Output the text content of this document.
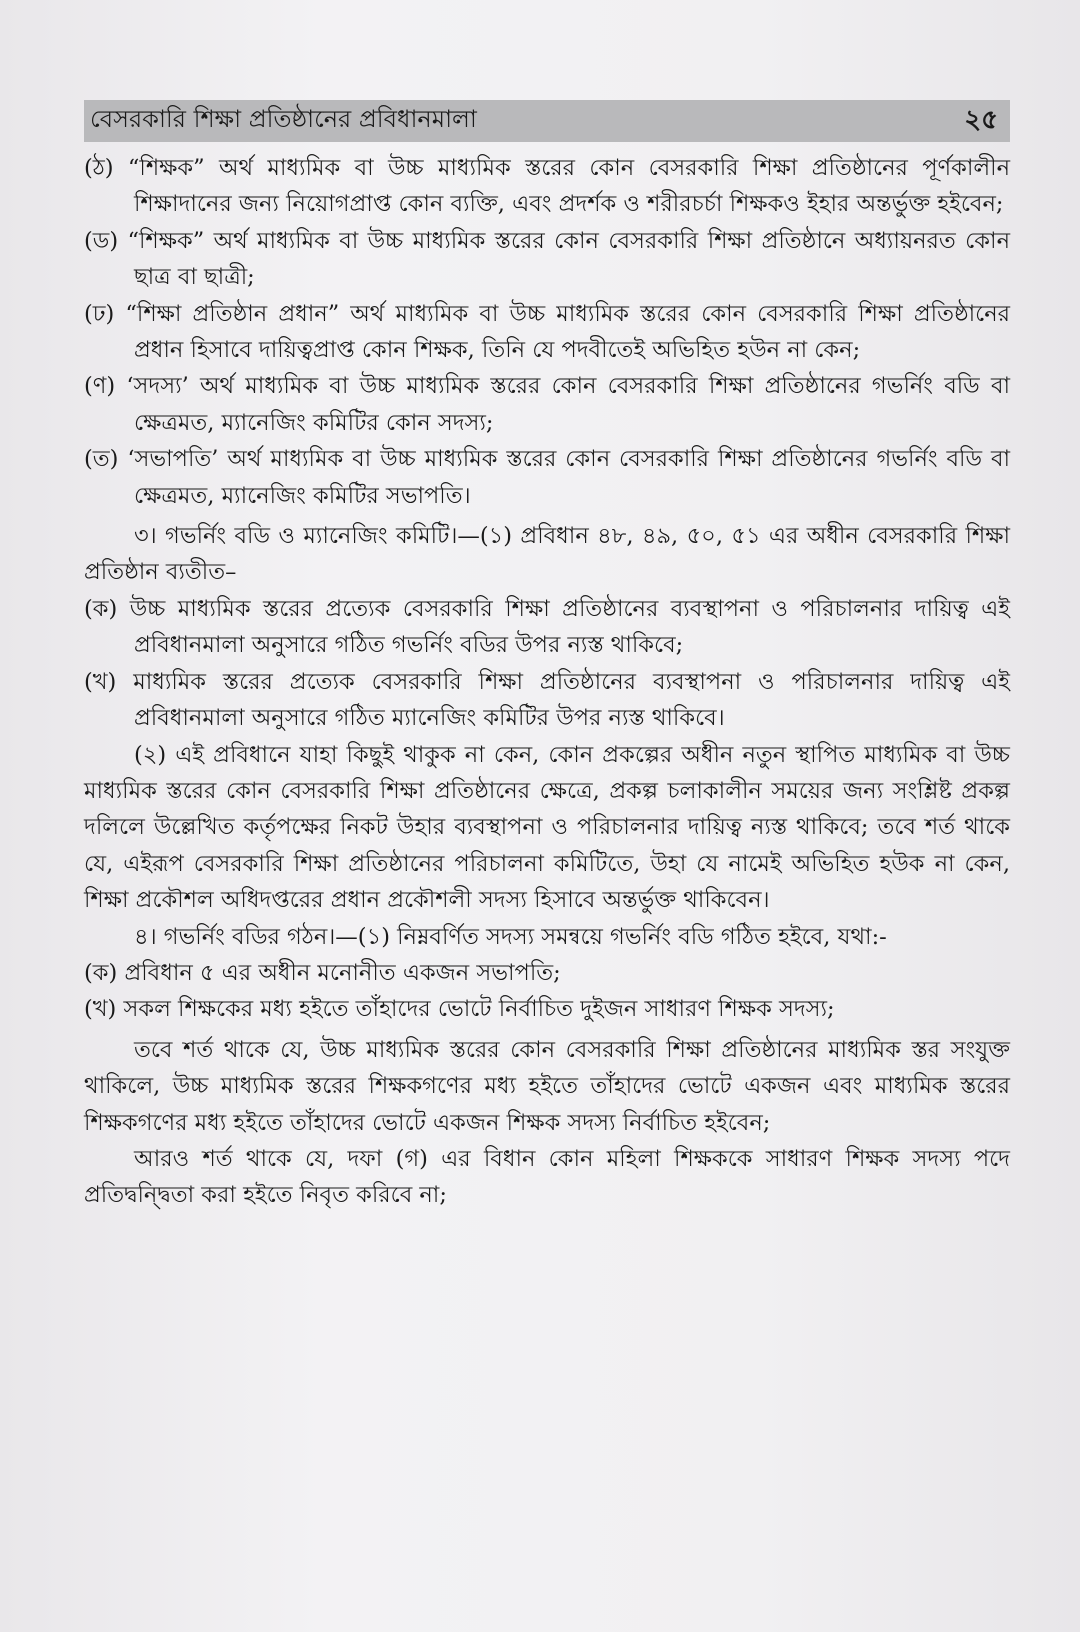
বেসরকারি শিক্ষা প্রতিষ্ঠানের প্রবিধানমালা	২৫
(ঠ) “শিক্ষক” অর্থ মাধ্যমিক বা উচ্চ মাধ্যমিক স্তরের কোন বেসরকারি শিক্ষা প্রতিষ্ঠানের পূর্ণকালীন শিক্ষাদানের জন্য নিয়োগপ্রাপ্ত কোন ব্যক্তি, এবং প্রদর্শক ও শরীরচর্চা শিক্ষকও ইহার অন্তর্ভুক্ত হইবেন;
(ড) “শিক্ষক” অর্থ মাধ্যমিক বা উচ্চ মাধ্যমিক স্তরের কোন বেসরকারি শিক্ষা প্রতিষ্ঠানে অধ্যায়নরত কোন ছাত্র বা ছাত্রী;
(ঢ) “শিক্ষা প্রতিষ্ঠান প্রধান” অর্থ মাধ্যমিক বা উচ্চ মাধ্যমিক স্তরের কোন বেসরকারি শিক্ষা প্রতিষ্ঠানের প্রধান হিসাবে দায়িত্বপ্রাপ্ত কোন শিক্ষক, তিনি যে পদবীতেই অভিহিত হউন না কেন;
(ণ) ‘সদস্য’ অর্থ মাধ্যমিক বা উচ্চ মাধ্যমিক স্তরের কোন বেসরকারি শিক্ষা প্রতিষ্ঠানের গভর্নিং বডি বা ক্ষেত্রমত, ম্যানেজিং কমিটির কোন সদস্য;
(ত) ‘সভাপতি’ অর্থ মাধ্যমিক বা উচ্চ মাধ্যমিক স্তরের কোন বেসরকারি শিক্ষা প্রতিষ্ঠানের গভর্নিং বডি বা ক্ষেত্রমত, ম্যানেজিং কমিটির সভাপতি।
৩। গভর্নিং বডি ও ম্যানেজিং কমিটি।—(১) প্রবিধান ৪৮, ৪৯, ৫০, ৫১ এর অধীন বেসরকারি শিক্ষা প্রতিষ্ঠান ব্যতীত–
(ক) উচ্চ মাধ্যমিক স্তরের প্রত্যেক বেসরকারি শিক্ষা প্রতিষ্ঠানের ব্যবস্থাপনা ও পরিচালনার দায়িত্ব এই প্রবিধানমালা অনুসারে গঠিত গভর্নিং বডির উপর ন্যস্ত থাকিবে;
(খ) মাধ্যমিক স্তরের প্রত্যেক বেসরকারি শিক্ষা প্রতিষ্ঠানের ব্যবস্থাপনা ও পরিচালনার দায়িত্ব এই প্রবিধানমালা অনুসারে গঠিত ম্যানেজিং কমিটির উপর ন্যস্ত থাকিবে।
(২) এই প্রবিধানে যাহা কিছুই থাকুক না কেন, কোন প্রকল্পের অধীন নতুন স্থাপিত মাধ্যমিক বা উচ্চ মাধ্যমিক স্তরের কোন বেসরকারি শিক্ষা প্রতিষ্ঠানের ক্ষেত্রে, প্রকল্প চলাকালীন সময়ের জন্য সংশ্লিষ্ট প্রকল্প দলিলে উল্লেখিত কর্তৃপক্ষের নিকট উহার ব্যবস্থাপনা ও পরিচালনার দায়িত্ব ন্যস্ত থাকিবে; তবে শর্ত থাকে যে, এইরূপ বেসরকারি শিক্ষা প্রতিষ্ঠানের পরিচালনা কমিটিতে, উহা যে নামেই অভিহিত হউক না কেন, শিক্ষা প্রকৌশল অধিদপ্তরের প্রধান প্রকৌশলী সদস্য হিসাবে অন্তর্ভুক্ত থাকিবেন।
৪। গভর্নিং বডির গঠন।—(১) নিম্নবর্ণিত সদস্য সমন্বয়ে গভর্নিং বডি গঠিত হইবে, যথা:-
(ক) প্রবিধান ৫ এর অধীন মনোনীত একজন সভাপতি;
(খ) সকল শিক্ষকের মধ্য হইতে তাঁহাদের ভোটে নির্বাচিত দুইজন সাধারণ শিক্ষক সদস্য;
তবে শর্ত থাকে যে, উচ্চ মাধ্যমিক স্তরের কোন বেসরকারি শিক্ষা প্রতিষ্ঠানের মাধ্যমিক স্তর সংযুক্ত থাকিলে, উচ্চ মাধ্যমিক স্তরের শিক্ষকগণের মধ্য হইতে তাঁহাদের ভোটে একজন এবং মাধ্যমিক স্তরের শিক্ষকগণের মধ্য হইতে তাঁহাদের ভোটে একজন শিক্ষক সদস্য নির্বাচিত হইবেন;
আরও শর্ত থাকে যে, দফা (গ) এর বিধান কোন মহিলা শিক্ষককে সাধারণ শিক্ষক সদস্য পদে প্রতিদ্বন্দ্বিতা করা হইতে নিবৃত করিবে না;
